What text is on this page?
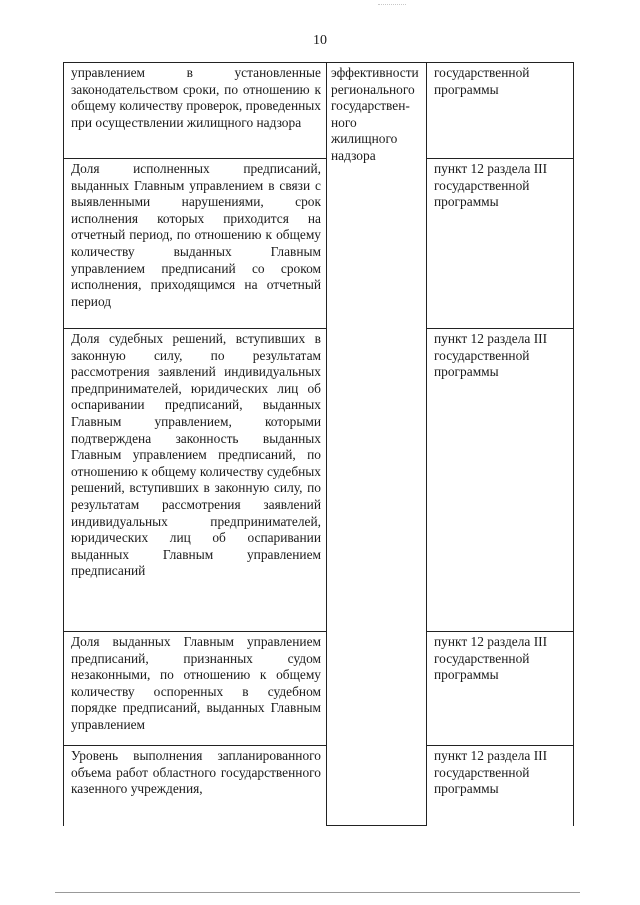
10
управлением в установленные законодательством сроки, по отношению к общему количеству проверок, проведенных при осуществлении жилищного надзора	эффективности регионального государствен-ного жилищного надзора	государственной программы
Доля исполненных предписаний, выданных Главным управлением в связи с выявленными нарушениями, срок исполнения которых приходится на отчетный период, по отношению к общему количеству выданных Главным управлением предписаний со сроком исполнения, приходящимся на отчетный период		пункт 12 раздела III государственной программы
Доля судебных решений, вступивших в законную силу, по результатам рассмотрения заявлений индивидуальных предпринимателей, юридических лиц об оспаривании предписаний, выданных Главным управлением, которыми подтверждена законность выданных Главным управлением предписаний, по отношению к общему количеству судебных решений, вступивших в законную силу, по результатам рассмотрения заявлений индивидуальных предпринимателей, юридических лиц об оспаривании выданных Главным управлением предписаний		пункт 12 раздела III государственной программы
Доля выданных Главным управлением предписаний, признанных судом незаконными, по отношению к общему количеству оспоренных в судебном порядке предписаний, выданных Главным управлением		пункт 12 раздела III государственной программы
Уровень выполнения запланированного объема работ областного государственного казенного учреждения,		пункт 12 раздела III государственной программы
